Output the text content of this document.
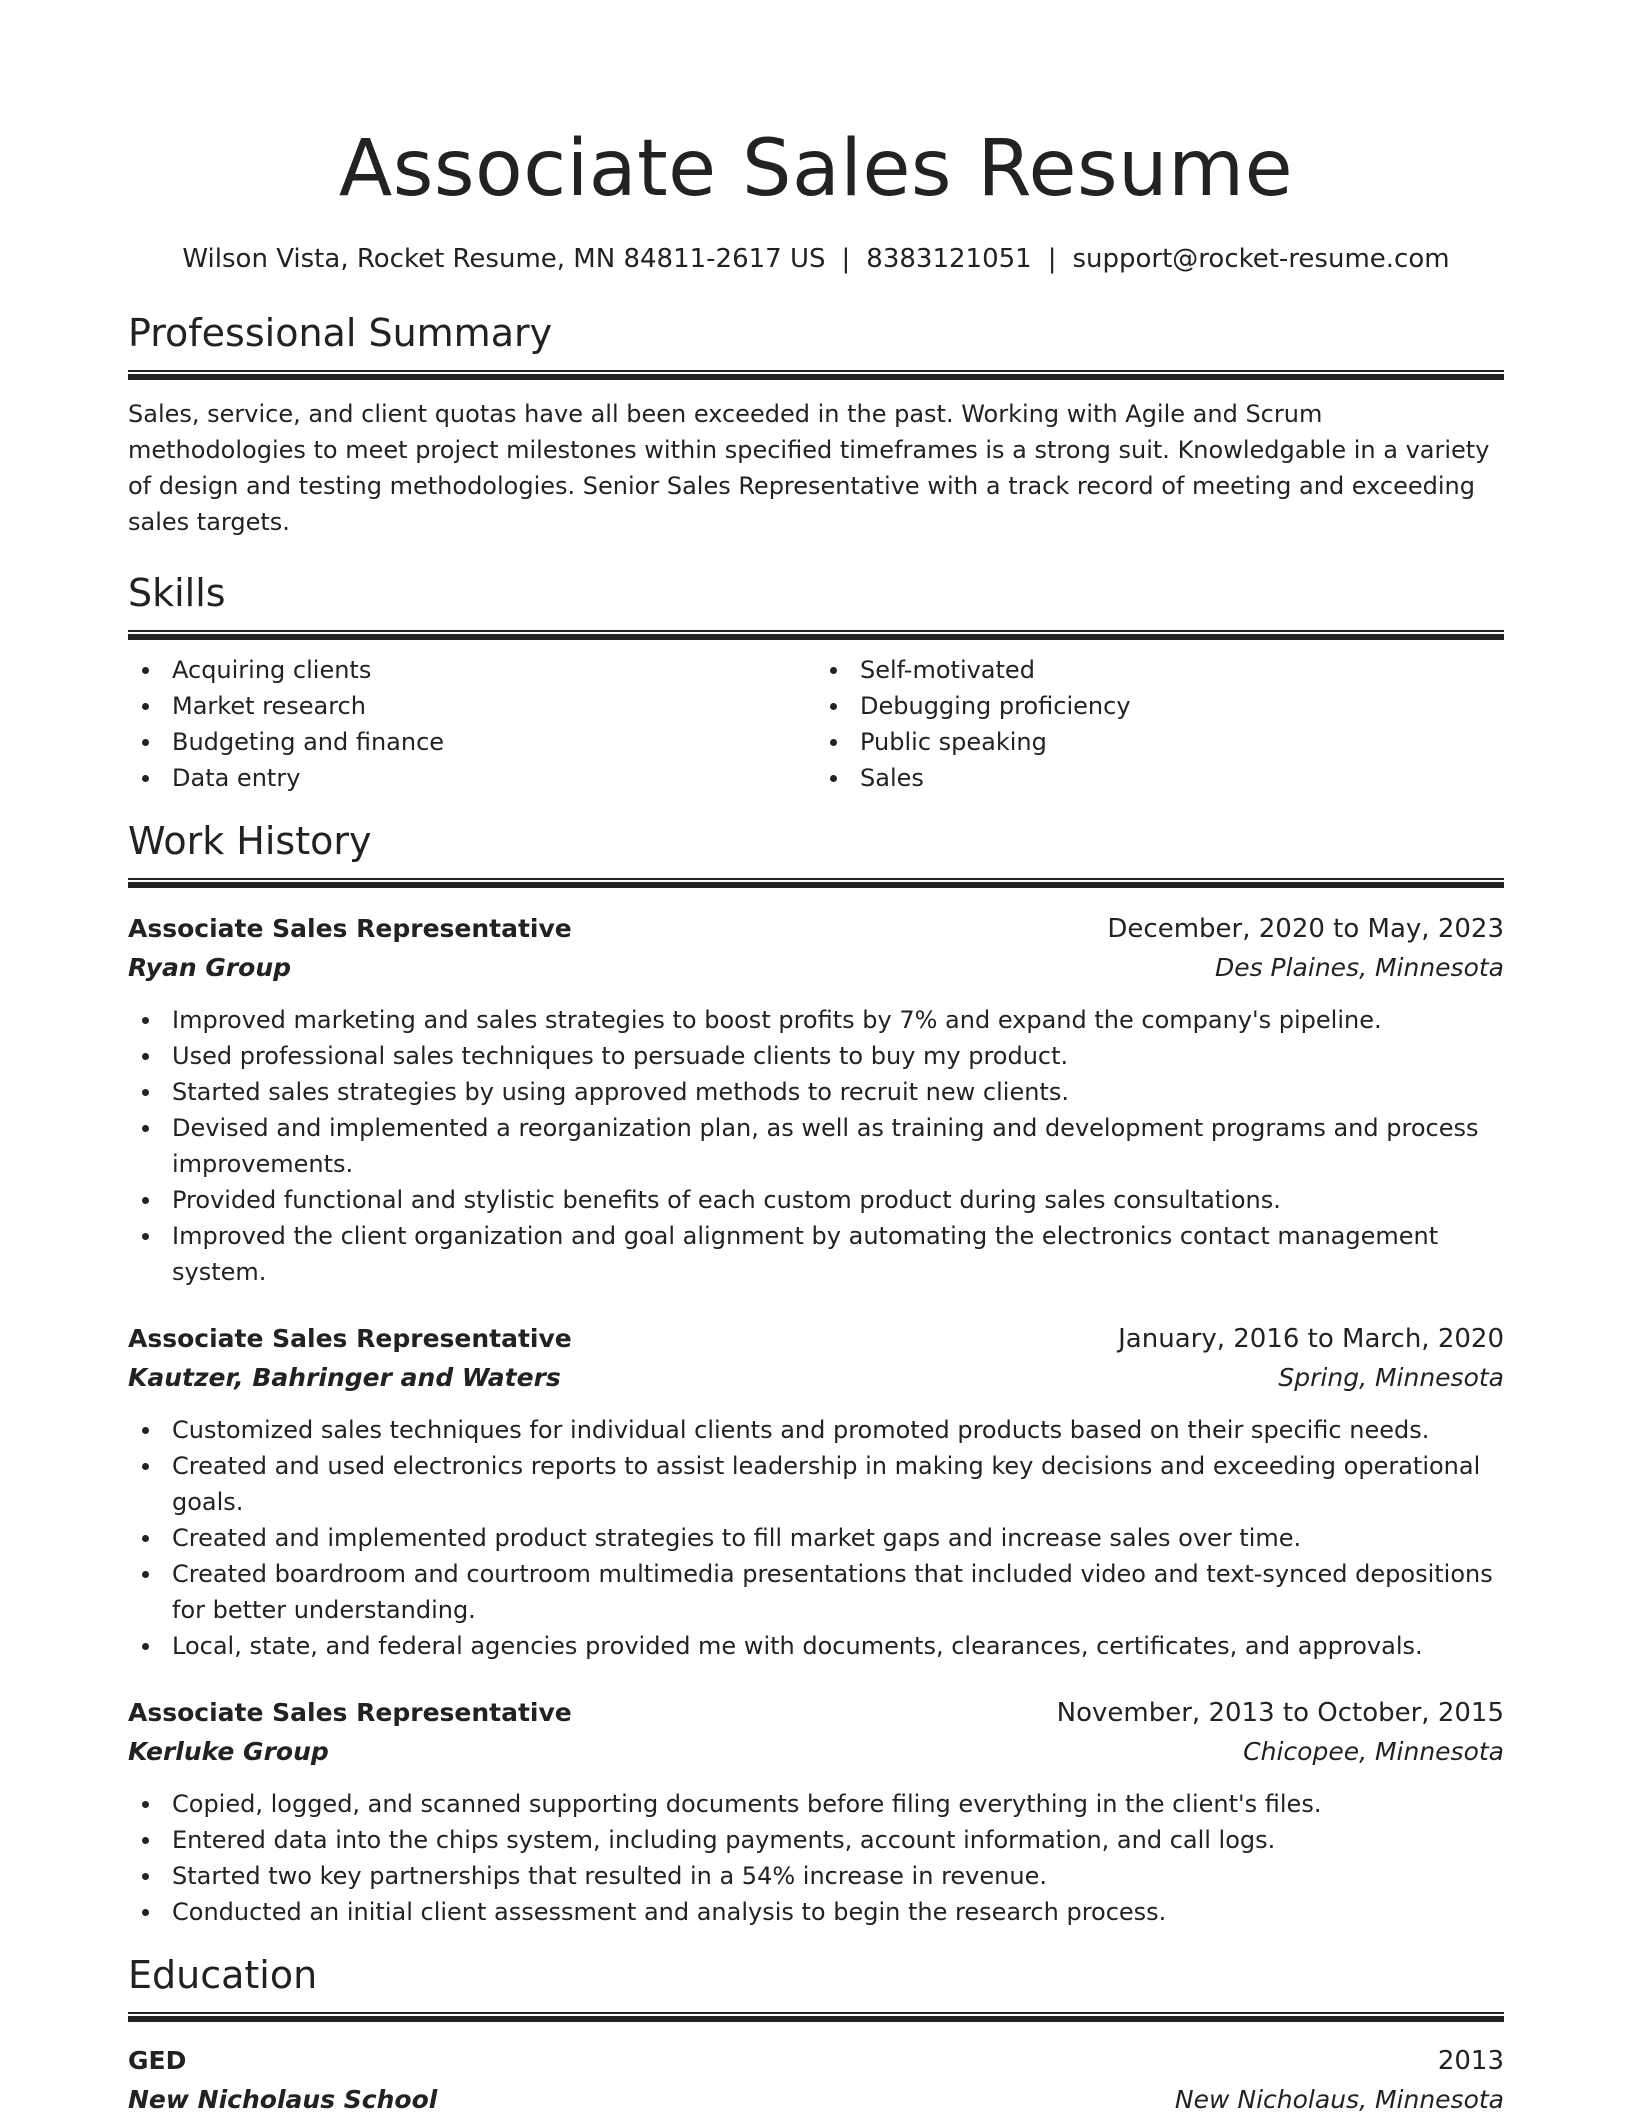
Associate Sales Resume
Wilson Vista, Rocket Resume, MN 84811-2617 US | 8383121051 | support@rocket-resume.com
Professional Summary

Sales, service, and client quotas have all been exceeded in the past. Working with Agile and Scrum methodologies to meet project milestones within specified timeframes is a strong suit. Knowledgable in a variety of design and testing methodologies. Senior Sales Representative with a track record of meeting and exceeding sales targets.

Skills
Acquiring clients
Market research
Budgeting and finance
Data entry
Self-motivated
Debugging proficiency
Public speaking
Sales
Work History
Associate Sales Representative	December, 2020 to May, 2023
Ryan Group	Des Plaines, Minnesota
Improved marketing and sales strategies to boost profits by 7% and expand the company's pipeline.
Used professional sales techniques to persuade clients to buy my product.
Started sales strategies by using approved methods to recruit new clients.
Devised and implemented a reorganization plan, as well as training and development programs and process improvements.
Provided functional and stylistic benefits of each custom product during sales consultations.
Improved the client organization and goal alignment by automating the electronics contact management system.
Associate Sales Representative	January, 2016 to March, 2020
Kautzer, Bahringer and Waters	Spring, Minnesota
Customized sales techniques for individual clients and promoted products based on their specific needs.
Created and used electronics reports to assist leadership in making key decisions and exceeding operational goals.
Created and implemented product strategies to fill market gaps and increase sales over time.
Created boardroom and courtroom multimedia presentations that included video and text-synced depositions for better understanding.
Local, state, and federal agencies provided me with documents, clearances, certificates, and approvals.
Associate Sales Representative	November, 2013 to October, 2015
Kerluke Group	Chicopee, Minnesota
Copied, logged, and scanned supporting documents before filing everything in the client's files.
Entered data into the chips system, including payments, account information, and call logs.
Started two key partnerships that resulted in a 54% increase in revenue.
Conducted an initial client assessment and analysis to begin the research process.
Education
GED	2013
New Nicholaus School	New Nicholaus, Minnesota
